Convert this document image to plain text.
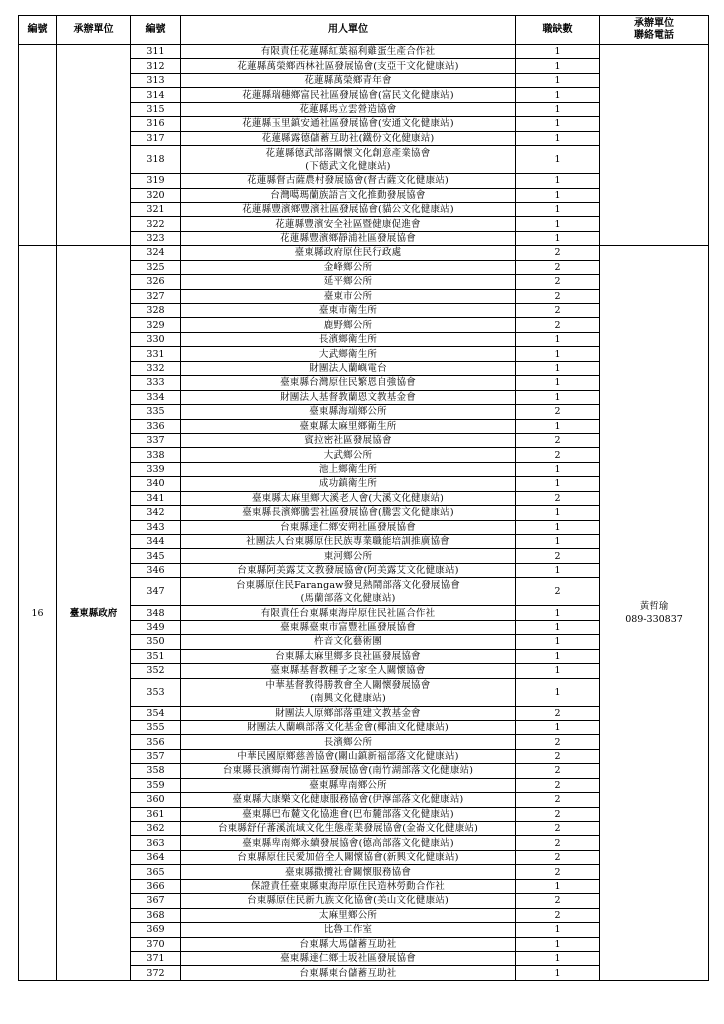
編號	承辦單位	編號	用人單位	職缺數	承辦單位
聯絡電話

		311	有限責任花蓮縣紅葉福利雞蛋生產合作社	1	
		312	花蓮縣萬榮鄉西林社區發展協會(支亞干文化健康站)	1	
		313	花蓮縣萬榮鄉青年會	1	
		314	花蓮縣瑞穗鄉富民社區發展協會(富民文化健康站)	1	
		315	花蓮縣馬立雲營造協會	1	
		316	花蓮縣玉里鎮安通社區發展協會(安通文化健康站)	1	
		317	花蓮縣露德儲蓄互助社(鐵份文化健康站)	1	
		318	花蓮縣德武部落關懷文化創意產業協會
(下德武文化健康站)	1	
		319	花蓮縣督古薩農村發展協會(督古薩文化健康站)	1	
		320	台灣噶瑪蘭族語言文化推動發展協會	1	
		321	花蓮縣豐濱鄉豐濱社區發展協會(貓公文化健康站)	1	
		322	花蓮縣豐濱安全社區暨健康促進會	1	
		323	花蓮縣豐濱鄉靜浦社區發展協會	1	
16	臺東縣政府	324	臺東縣政府原住民行政處	2	黃哲瑜
089-330837

		325	金峰鄉公所	2	
		326	延平鄉公所	2	
		327	臺東市公所	2	
		328	臺東市衛生所	2	
		329	鹿野鄉公所	2	
		330	長濱鄉衛生所	1	
		331	大武鄉衛生所	1	
		332	財團法人蘭嶼電台	1	
		333	臺東縣台灣原住民繁恩自強協會	1	
		334	財團法人基督教蘭恩文教基金會	1	
		335	臺東縣海端鄉公所	2	
		336	臺東縣太麻里鄉衛生所	1	
		337	賓拉密社區發展協會	2	
		338	大武鄉公所	2	
		339	池上鄉衛生所	1	
		340	成功鎮衛生所	1	
		341	臺東縣太麻里鄉大溪老人會(大溪文化健康站)	2	
		342	臺東縣長濱鄉騰雲社區發展協會(騰雲文化健康站)	1	
		343	台東縣達仁鄉安朔社區發展協會	1	
		344	社團法人台東縣原住民族專業職能培訓推廣協會	1	
		345	東河鄉公所	2	
		346	台東縣阿美露艾文教發展協會(阿美露艾文化健康站)	1	
		347	台東縣原住民Farangaw發見熱鬧部落文化發展協會
(馬蘭部落文化健康站)	2	
		348	有限責任台東縣東海岸原住民社區合作社	1	
		349	臺東縣臺東市富豐社區發展協會	1	
		350	杵音文化藝術團	1	
		351	台東縣太麻里鄉多良社區發展協會	1	
		352	臺東縣基督教種子之家全人關懷協會	1	
		353	中華基督教得勝教會全人關懷發展協會
(南興文化健康站)	1	
		354	財團法人原鄉部落重建文教基金會	2	
		355	財團法人蘭嶼部落文化基金會(椰油文化健康站)	1	
		356	長濱鄉公所	2	
		357	中華民國原鄉慈善協會(關山鎮新福部落文化健康站)	2	
		358	台東縣長濱鄉南竹湖社區發展協會(南竹湖部落文化健康站)	2	
		359	臺東縣卑南鄉公所	2	
		360	臺東縣大康樂文化健康服務協會(伊濘部落文化健康站)	2	
		361	臺東縣巴布麓文化協進會(巴布麓部落文化健康站)	2	
		362	台東縣舒仔蕃溪流域文化生態產業發展協會(金崙文化健康站)	2	
		363	臺東縣卑南鄉永續發展協會(德高部落文化健康站)	2	
		364	台東縣原住民愛加倍全人關懷協會(新興文化健康站)	2	
		365	臺東縣撒攬社會關懷服務協會	2	
		366	保證責任臺東縣東海岸原住民造林勞動合作社	1	
		367	台東縣原住民新九族文化協會(美山文化健康站)	2	
		368	太麻里鄉公所	2	
		369	比魯工作室	1	
		370	台東縣大馬儲蓄互助社	1	
		371	臺東縣達仁鄉土坂社區發展協會	1	
		372	台東縣東台儲蓄互助社	1	
